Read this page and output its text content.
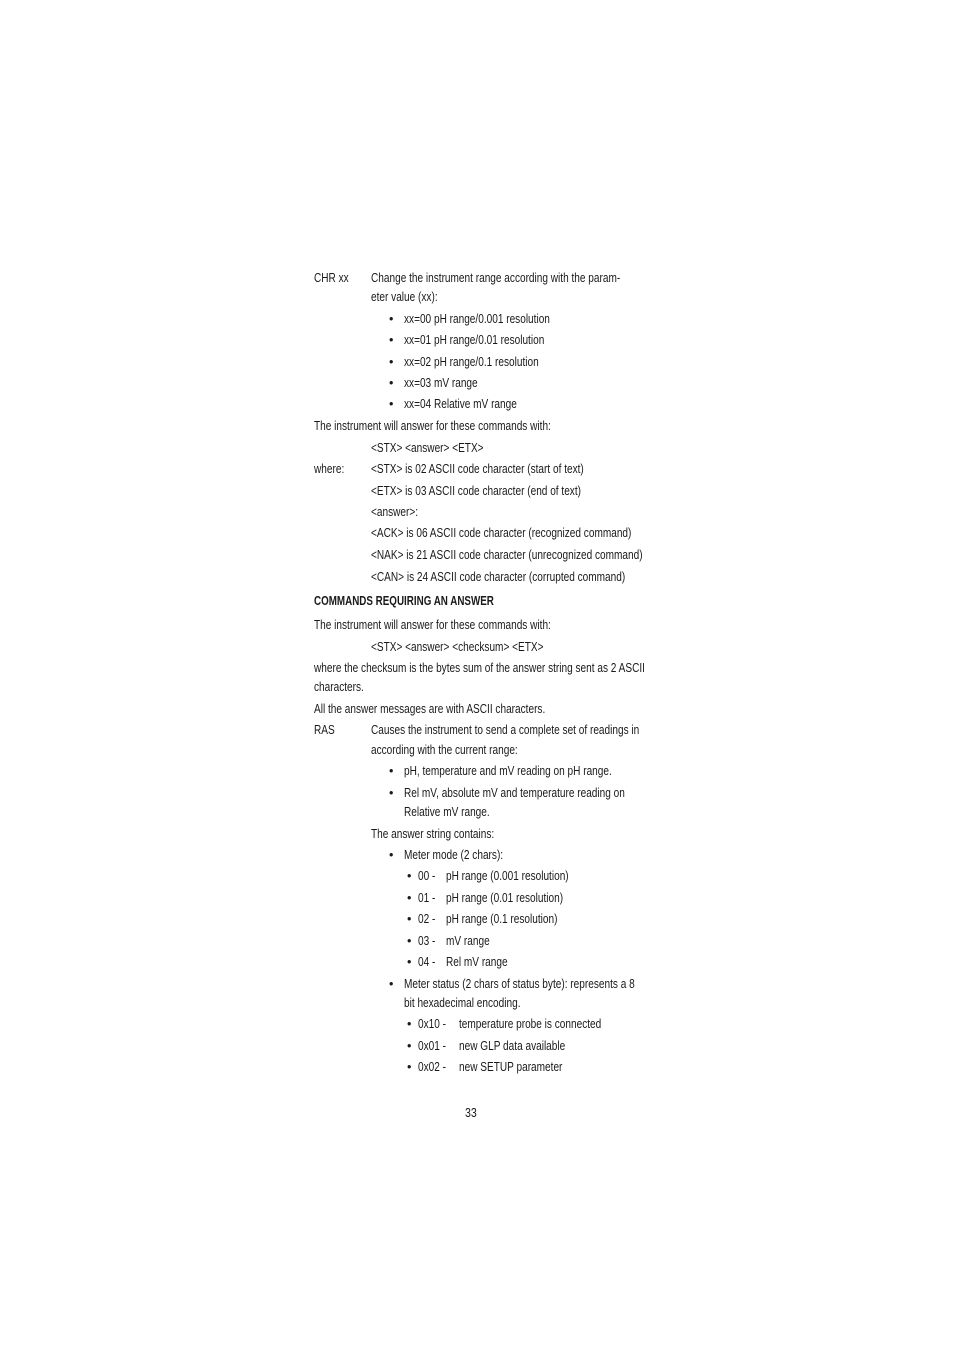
CHR xx Change the instrument range according with the param-
eter value (xx):
• xx=00 pH range/0.001 resolution
• xx=01 pH range/0.01 resolution
• xx=02 pH range/0.1 resolution
• xx=03 mV range
• xx=04 Relative mV range
The instrument will answer for these commands with:
<STX> <answer> <ETX>
where: <STX> is 02 ASCII code character (start of text)
<ETX> is 03 ASCII code character (end of text)
<answer>:
<ACK> is 06 ASCII code character (recognized command)
<NAK> is 21 ASCII code character (unrecognized command)
<CAN> is 24 ASCII code character (corrupted command)
COMMANDS REQUIRING AN ANSWER
The instrument will answer for these commands with:
<STX> <answer> <checksum> <ETX>
where the checksum is the bytes sum of the answer string sent as 2 ASCII
characters.
All the answer messages are with ASCII characters.
RAS	Causes the instrument to send a complete set of readings in
according with the current range:
• pH, temperature and mV reading on pH range.
• Rel mV, absolute mV and temperature reading on
Relative mV range.
The answer string contains:
• Meter mode (2 chars):
• 00 - pH range (0.001 resolution)
• 01 - pH range (0.01 resolution)
• 02 - pH range (0.1 resolution)
• 03 - mV range
• 04 - Rel mV range
• Meter status (2 chars of status byte): represents a 8
bit hexadecimal encoding.
• 0x10 - temperature probe is connected
• 0x01 - new GLP data available
• 0x02 - new SETUP parameter
33
